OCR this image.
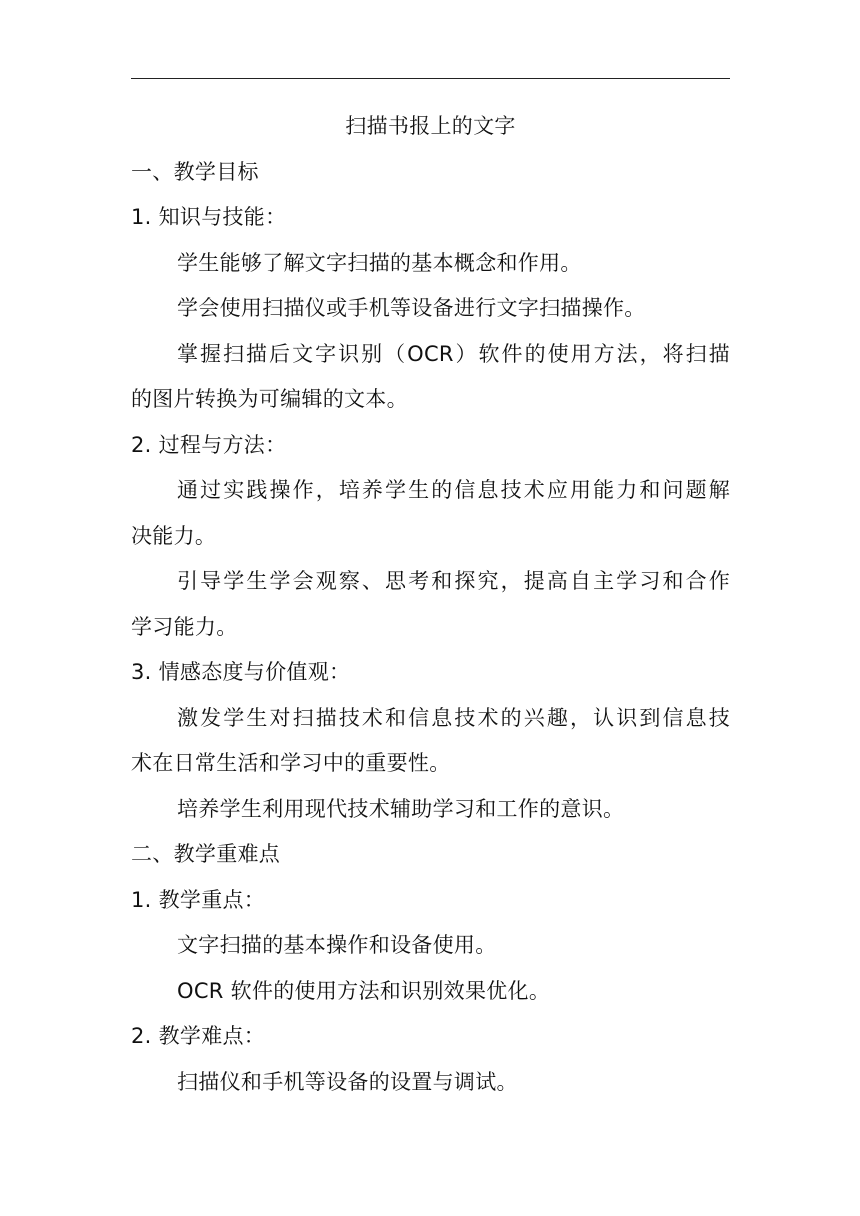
扫描书报上的文字
一、教学目标
1. 知识与技能：
学生能够了解文字扫描的基本概念和作用。
学会使用扫描仪或手机等设备进行文字扫描操作。
掌握扫描后文字识别（OCR）软件的使用方法，将扫描
的图片转换为可编辑的文本。
2. 过程与方法：
通过实践操作，培养学生的信息技术应用能力和问题解
决能力。
引导学生学会观察、思考和探究，提高自主学习和合作
学习能力。
3. 情感态度与价值观：
激发学生对扫描技术和信息技术的兴趣，认识到信息技
术在日常生活和学习中的重要性。
培养学生利用现代技术辅助学习和工作的意识。
二、教学重难点
1. 教学重点：
文字扫描的基本操作和设备使用。
OCR 软件的使用方法和识别效果优化。
2. 教学难点：
扫描仪和手机等设备的设置与调试。
